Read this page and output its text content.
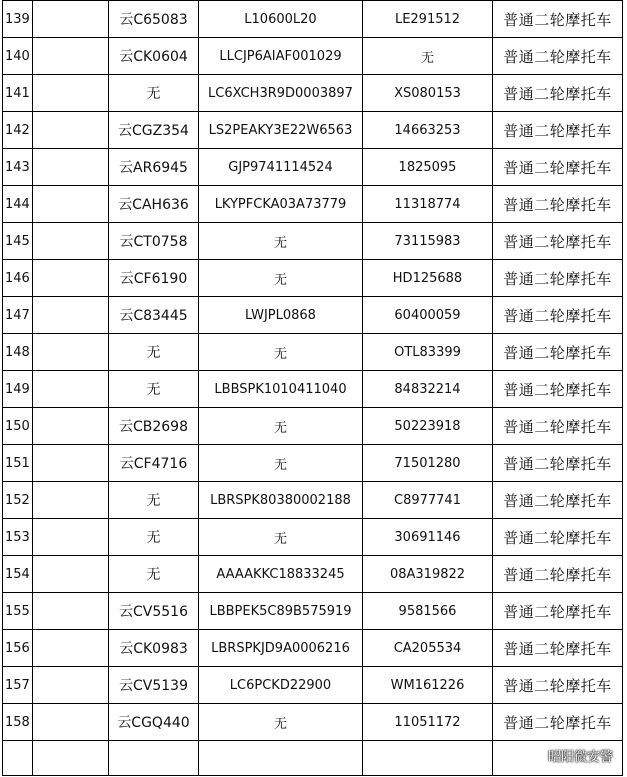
139		云C65083	L10600L20	LE291512	普通二轮摩托车
140		云CK0604	LLCJP6AIAF001029	无	普通二轮摩托车
141		无	LC6XCH3R9D0003897	XS080153	普通二轮摩托车
142		云CGZ354	LS2PEAKY3E22W6563	14663253	普通二轮摩托车
143		云AR6945	GJP9741114524	1825095	普通二轮摩托车
144		云CAH636	LKYPFCKA03A73779	11318774	普通二轮摩托车
145		云CT0758	无	73115983	普通二轮摩托车
146		云CF6190	无	HD125688	普通二轮摩托车
147		云C83445	LWJPL0868	60400059	普通二轮摩托车
148		无	无	OTL83399	普通二轮摩托车
149		无	LBBSPK1010411040	84832214	普通二轮摩托车
150		云CB2698	无	50223918	普通二轮摩托车
151		云CF4716	无	71501280	普通二轮摩托车
152		无	LBRSPK80380002188	C8977741	普通二轮摩托车
153		无	无	30691146	普通二轮摩托车
154		无	AAAAKKC18833245	08A319822	普通二轮摩托车
155		云CV5516	LBBPEK5C89B575919	9581566	普通二轮摩托车
156		云CK0983	LBRSPKJD9A0006216	CA205534	普通二轮摩托车
157		云CV5139	LC6PCKD22900	WM161226	普通二轮摩托车
158		云CGQ440	无	11051172	普通二轮摩托车

昭阳微安警
